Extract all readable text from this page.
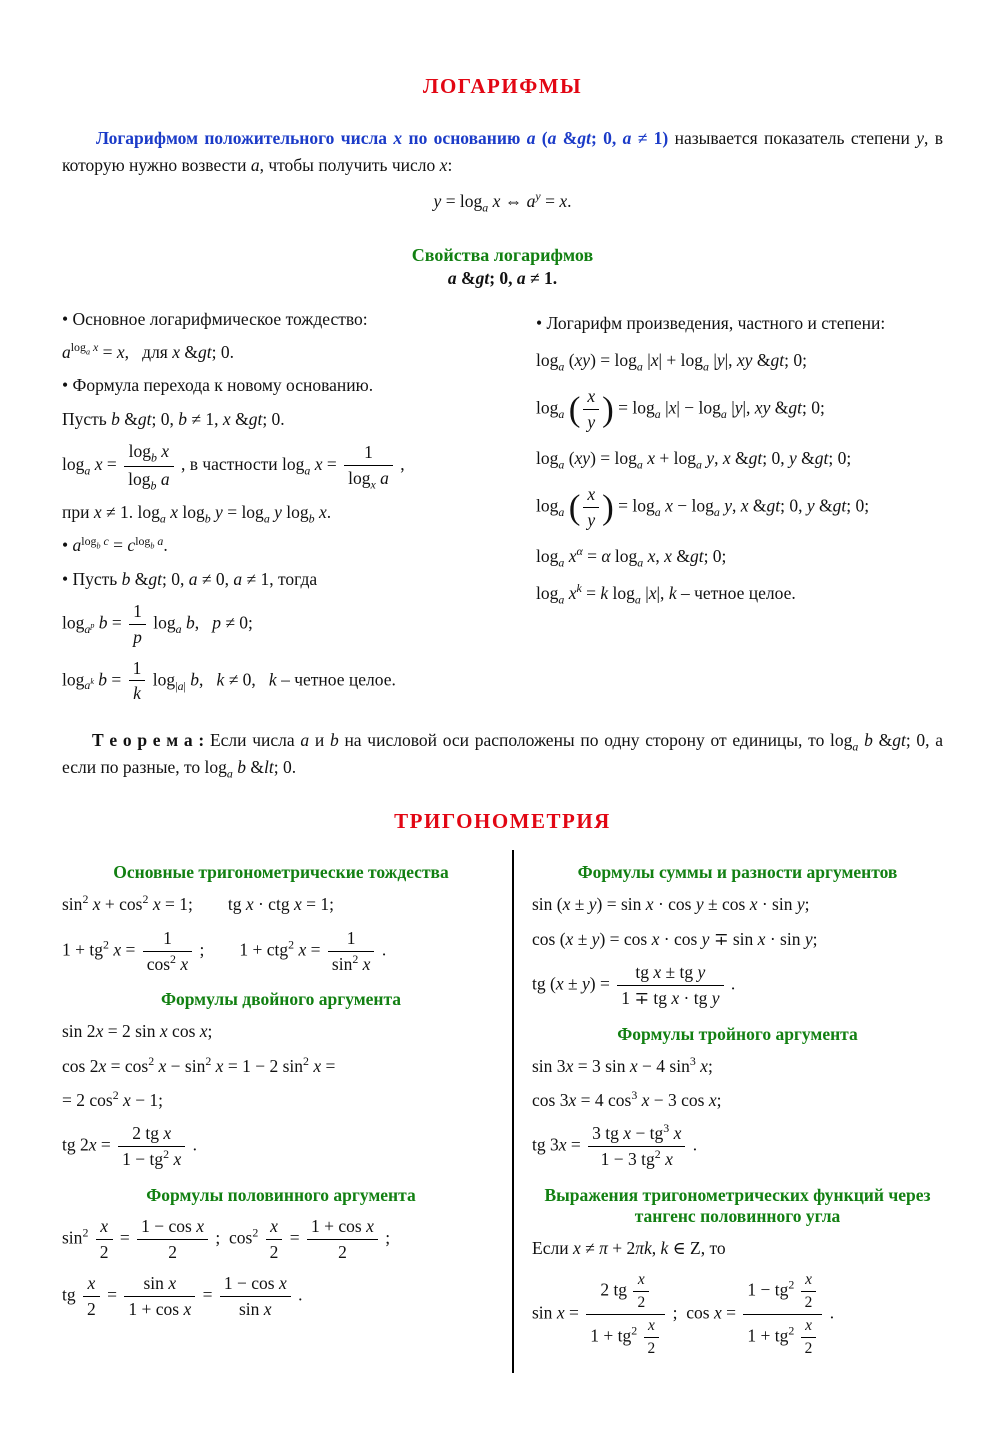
ЛОГАРИФМЫ

Логарифмом положительного числа x по основанию a (a &gt; 0, a ≠ 1) называется показатель степени y, в которую нужно возвести a, чтобы получить число x:

$y = \log_a x$ ⇔ $a^y = x$.
Свойства логарифмов
a &gt; 0, a ≠ 1.
• Основное логарифмическое тождество:
$a^{log_a x} = x$,  для x &gt; 0.
• Формула перехода к новому основанию.
Пусть b &gt; 0, b ≠ 1, x &gt; 0.
$\log_a x = \frac{\log_b x}{\log_b a}$ , в частности $\log_a x = \frac{1}{\log_x a}$ ,
при x ≠ 1. $\log_a x$ $\log_b y = \log_a y$ $\log_b x$.
• $a^{log_b c} = c^{log_b a}$.
• Пусть b &gt; 0, a ≠ 0, a ≠ 1, тогда
$\log_{a^p} b = \frac{1}{p} \log_a b$,  p ≠ 0;
$\log_{a^k} b = \frac{1}{k} \log_{|a|} b$,  k ≠ 0,  k – четное целое.
• Логарифм произведения, частного и степени:
$\log_a (xy) = \log_a |x| + \log_a |y|$, xy &gt; 0;
$\log_a$ ( $\frac{x}{y}$ ) = $\log_a |x| - \log_a |y|$, xy &gt; 0;
$\log_a (xy) = \log_a x + \log_a y$, x &gt; 0, y &gt; 0;
$\log_a$ ( $\frac{x}{y}$ ) = $\log_a x - \log_a y$, x &gt; 0, y &gt; 0;
$\log_a x^\alpha = \alpha$ $\log_a x$, x &gt; 0;
$\log_a x^k = k$ $\log_a |x|$, k – четное целое.

Т е о р е м а : Если числа a и b на числовой оси расположены по одну сторону от единицы, то $\log_a b$ &gt; 0, а если по разные, то $\log_a b$ &lt; 0.

ТРИГОНОМЕТРИЯ
Основные тригонометрические тождества
$\sin^2 x + \cos^2 x = 1$;  tg x · ctg x = 1;
$1 + tg^2$ $x = \frac{1}{\cos^2 x}$ ;  1 + ctg$^2$ $x = \frac{1}{\sin^2 x}$ .
Формулы двойного аргумента
sin 2x = 2 sin x cos x;
$\cos 2x = \cos^2 x - \sin^2 x = 1 - 2$ $\sin^2 x$ =
= 2 $\cos^2 x - 1$;
tg $2x = \frac{\text{2 tg x}}{1 - tg^2 x}$ .
Формулы половинного аргумента
$\sin^2 \frac{x}{2} = \frac{\text{1 − cos x}}{2}$ ; $\cos^2 \frac{x}{2} = \frac{\text{1 + cos x}}{2}$ ;
tg $\frac{x}{2} = \frac{\text{sin x}}{\text{1 + cos x}} = \frac{\text{1 − cos x}}{\text{sin x}}$ .
Формулы суммы и разности аргументов
sin (x ± y) = sin x · cos y ± cos x · sin y;
cos (x ± y) = cos x · cos y ∓ sin x · sin y;
tg $(x \pm y) = \frac{\text{tg x ± tg y}}{\text{1 ∓ tg x · tg y}}$ .
Формулы тройного аргумента
sin 3x = 3 sin x − 4 $\sin^3 x$;
cos 3x = 4 $\cos^3 x - 3$ cos x;
tg $3x = \frac{3 tg x - tg^3 x}{1 - 3 tg^2 x}$ .
Выражения тригонометрических функций через тангенс половинного угла
Если x ≠ π + 2πk, k ∈ Z, то
$\sin x = \frac{2 tg \frac{x}{2}}{1 + tg^2 \frac{x}{2}}$ ; $\cos x = \frac{1 - tg^2 \frac{x}{2}}{1 + tg^2 \frac{x}{2}}$ .
